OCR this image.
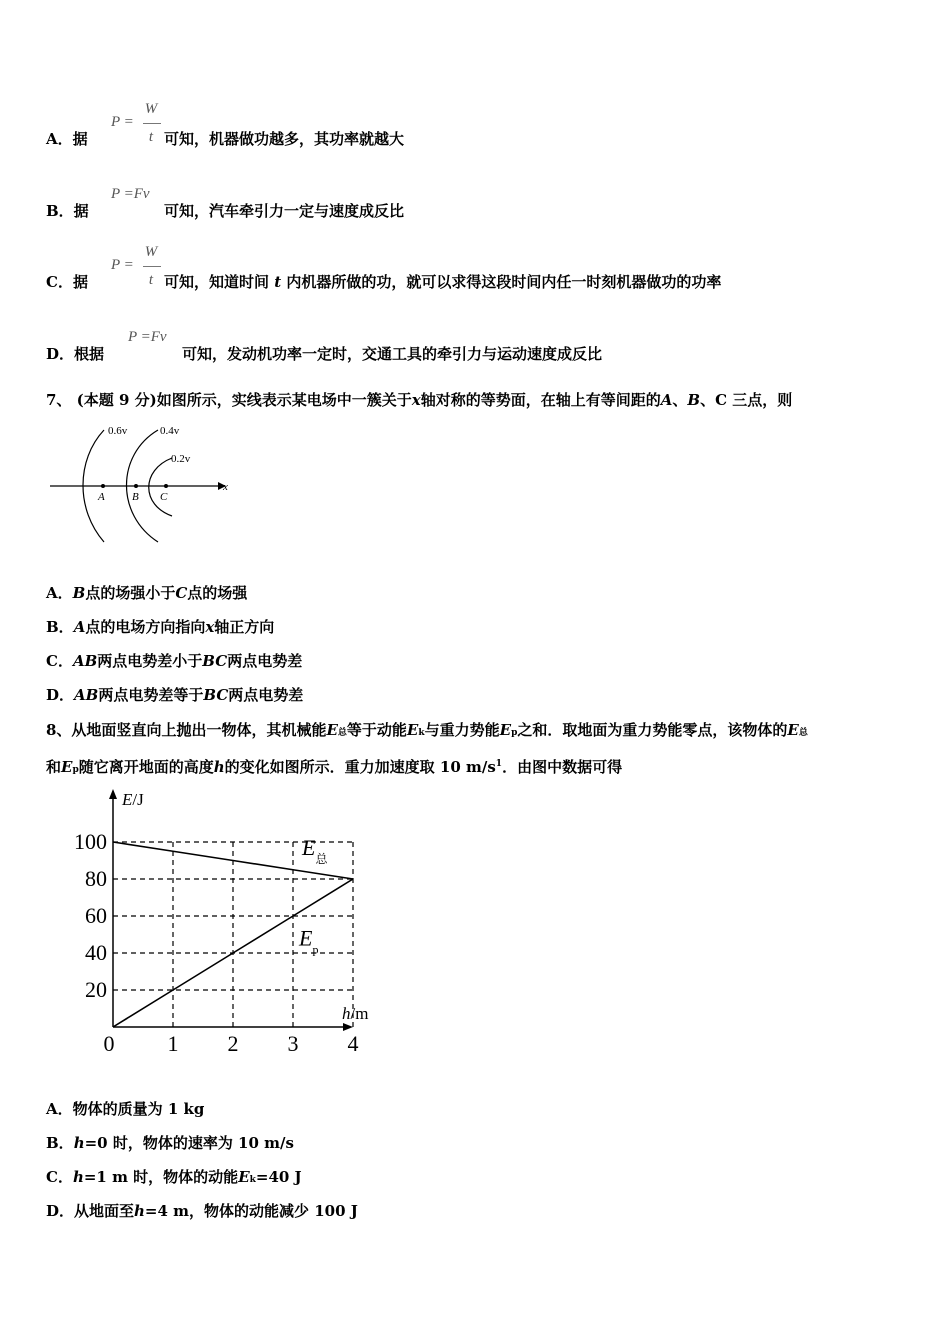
A．据
P =
W
t 可知，机器做功越多，其功率就越大
B．据
P =Fv
可知，汽车牵引力一定与速度成反比
C．据
P =
W
t 可知，知道时间 t 内机器所做的功，就可以求得这段时间内任一时刻机器做功的功率
D．根据
P =Fv
可知，发动机功率一定时，交通工具的牵引力与运动速度成反比
7、 (本题 9 分)如图所示，实线表示某电场中一簇关于x轴对称的等势面，在轴上有等间距的A、B、C 三点，则
0.6v	0.4v
0.2v
A B C
x
A．B点的场强小于C点的场强
B．A点的电场方向指向x轴正方向
C．AB两点电势差小于BC两点电势差
D．AB两点电势差等于BC两点电势差
8、从地面竖直向上抛出一物体，其机械能E总等于动能Ek与重力势能Ep之和．取地面为重力势能零点，该物体的E总
和Ep随它离开地面的高度h的变化如图所示．重力加速度取 10 $m/s^1$．由图中数据可得
E/J
h/m
100
80
60
40
20
0 1 2 3 4
$E_总$
$E_p$
A．物体的质量为 1 kg
B．h=0 时，物体的速率为 10 m/s
C．h=1 m 时，物体的动能Ek=40 J
D．从地面至h=4 m，物体的动能减少 100 J
